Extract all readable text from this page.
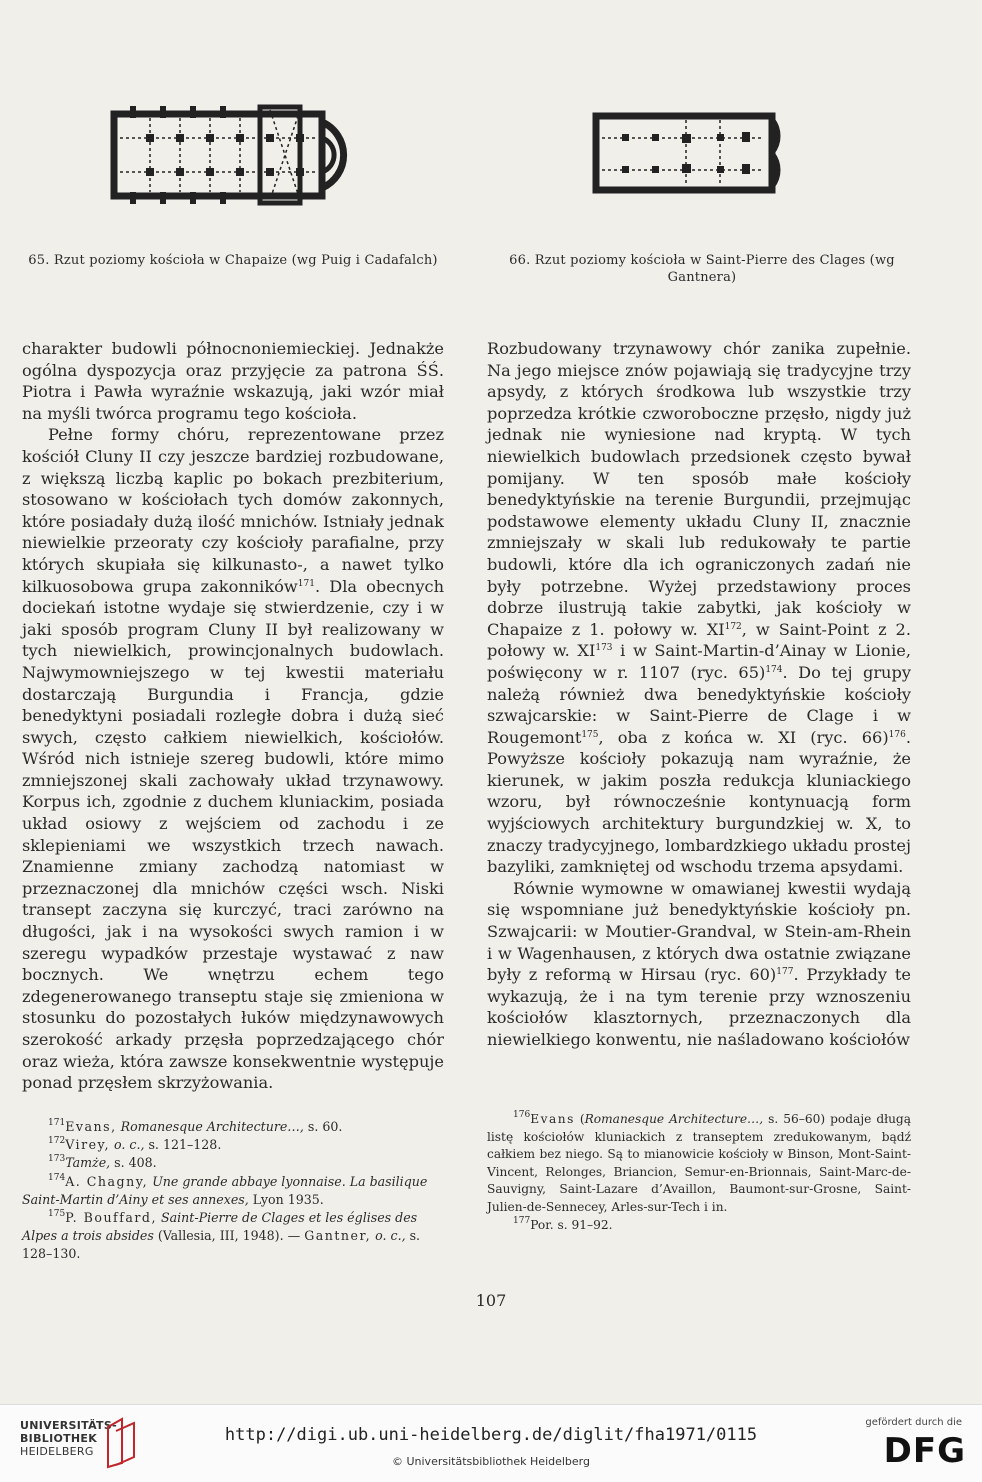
65. Rzut poziomy kościoła w Chapaize (wg Puig i Cadafalch)	66. Rzut poziomy kościoła w Saint-Pierre des Clages (wg Gantnera)

charakter budowli północnoniemieckiej. Jednakże ogólna dyspozycja oraz przyjęcie za patrona ŚŚ. Piotra i Pawła wyraźnie wskazują, jaki wzór miał na myśli twórca programu tego kościoła.

Pełne formy chóru, reprezentowane przez kościół Cluny II czy jeszcze bardziej rozbudowane, z większą liczbą kaplic po bokach prezbiterium, stosowano w kościołach tych domów zakonnych, które posiadały dużą ilość mnichów. Istniały jednak niewielkie przeoraty czy kościoły parafialne, przy których skupiała się kilkunasto-, a nawet tylko kilkuosobowa grupa zakonników$^{171}$. Dla obecnych dociekań istotne wydaje się stwierdzenie, czy i w jaki sposób program Cluny II był realizowany w tych niewielkich, prowincjonalnych budowlach. Najwymowniejszego w tej kwestii materiału dostarczają Burgundia i Francja, gdzie benedyktyni posiadali rozległe dobra i dużą sieć swych, często całkiem niewielkich, kościołów. Wśród nich istnieje szereg budowli, które mimo zmniejszonej skali zachowały układ trzynawowy. Korpus ich, zgodnie z duchem kluniackim, posiada układ osiowy z wejściem od zachodu i ze sklepieniami we wszystkich trzech nawach. Znamienne zmiany zachodzą natomiast w przeznaczonej dla mnichów części wsch. Niski transept zaczyna się kurczyć, traci zarówno na długości, jak i na wysokości swych ramion i w szeregu wypadków przestaje wystawać z naw bocznych. We wnętrzu echem tego zdegenerowanego transeptu staje się zmieniona w stosunku do pozostałych łuków międzynawowych szerokość arkady przęsła poprzedzającego chór oraz wieża, która zawsze konsekwentnie występuje ponad przęsłem skrzyżowania.

Rozbudowany trzynawowy chór zanika zupełnie. Na jego miejsce znów pojawiają się tradycyjne trzy apsydy, z których środkowa lub wszystkie trzy poprzedza krótkie czworoboczne przęsło, nigdy już jednak nie wyniesione nad kryptą. W tych niewielkich budowlach przedsionek często bywał pomijany. W ten sposób małe kościoły benedyktyńskie na terenie Burgundii, przejmując podstawowe elementy układu Cluny II, znacznie zmniejszały w skali lub redukowały te partie budowli, które dla ich ograniczonych zadań nie były potrzebne. Wyżej przedstawiony proces dobrze ilustrują takie zabytki, jak kościoły w Chapaize z 1. połowy w. XI$^{172}$, w Saint-Point z 2. połowy w. XI$^{173}$ i w Saint-Martin-d’Ainay w Lionie, poświęcony w r. 1107 (ryc. 65)$^{174}$. Do tej grupy należą również dwa benedyktyńskie kościoły szwajcarskie: w Saint-Pierre de Clage i w Rougemont$^{175}$, oba z końca w. XI (ryc. 66)$^{176}$. Powyższe kościoły pokazują nam wyraźnie, że kierunek, w jakim poszła redukcja kluniackiego wzoru, był równocześnie kontynuacją form wyjściowych architektury burgundzkiej w. X, to znaczy tradycyjnego, lombardzkiego układu prostej bazyliki, zamkniętej od wschodu trzema apsydami.

Równie wymowne w omawianej kwestii wydają się wspomniane już benedyktyńskie kościoły pn. Szwajcarii: w Moutier-Grandval, w Stein-am-Rhein i w Wagenhausen, z których dwa ostatnie związane były z reformą w Hirsau (ryc. 60)$^{177}$. Przykłady te wykazują, że i na tym terenie przy wznoszeniu kościołów klasztornych, przeznaczonych dla niewielkiego konwentu, nie naśladowano kościołów

$^{171}$Evans, Romanesque Architecture…, s. 60.

$^{172}$Virey, o. c., s. 121–128.

$^{173}$Tamże, s. 408.

$^{174}$A. Chagny, Une grande abbaye lyonnaise. La basilique Saint-Martin d’Ainy et ses annexes, Lyon 1935.

$^{175}$P. Bouffard, Saint-Pierre de Clages et les églises des Alpes a trois absides (Vallesia, III, 1948). — Gantner, o. c., s. 128–130.

$^{176}$Evans (Romanesque Architecture…, s. 56–60) podaje długą listę kościołów kluniackich z transeptem zredukowanym, bądź całkiem bez niego. Są to mianowicie kościoły w Binson, Mont-Saint-Vincent, Relonges, Briancion, Semur-en-Brionnais, Saint-Marc-de-Sauvigny, Saint-Lazare d’Availlon, Baumont-sur-Grosne, Saint-Julien-de-Sennecey, Arles-sur-Tech i in.

$^{177}$Por. s. 91–92.

107
UNIVERSITÄTS-
BIBLIOTHEK
HEIDELBERG
http://digi.ub.uni-heidelberg.de/diglit/fha1971/0115
© Universitätsbibliothek Heidelberg
gefördert durch die
DFG
